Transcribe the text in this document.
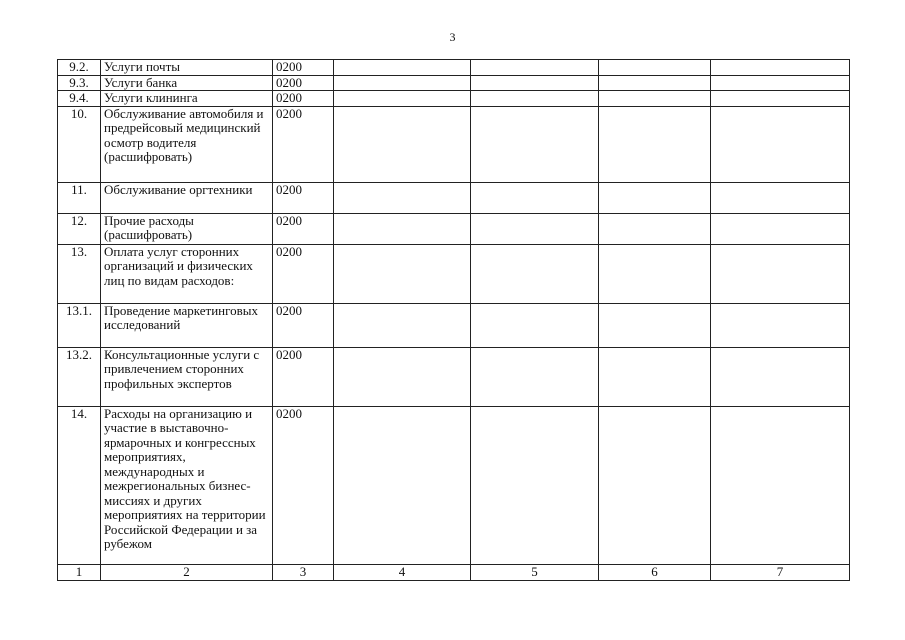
3
9.2.	Услуги почты	0200				
9.3.	Услуги банка	0200				
9.4.	Услуги клининга	0200				
10.	Обслуживание автомобиля и предрейсовый медицинский осмотр водителя (расшифровать)	0200				
11.	Обслуживание оргтехники	0200				
12.	Прочие расходы (расшифровать)	0200				
13.	Оплата услуг сторонних организаций и физических лиц по видам расходов:	0200				
13.1.	Проведение маркетинговых исследований	0200				
13.2.	Консультационные услуги с привлечением сторонних профильных экспертов	0200				
14.	Расходы на организацию и участие в выставочно-ярмарочных и конгрессных мероприятиях, международных и межрегиональных бизнес-миссиях и других мероприятиях на территории Российской Федерации и за рубежом	0200				
1	2	3	4	5	6	7
